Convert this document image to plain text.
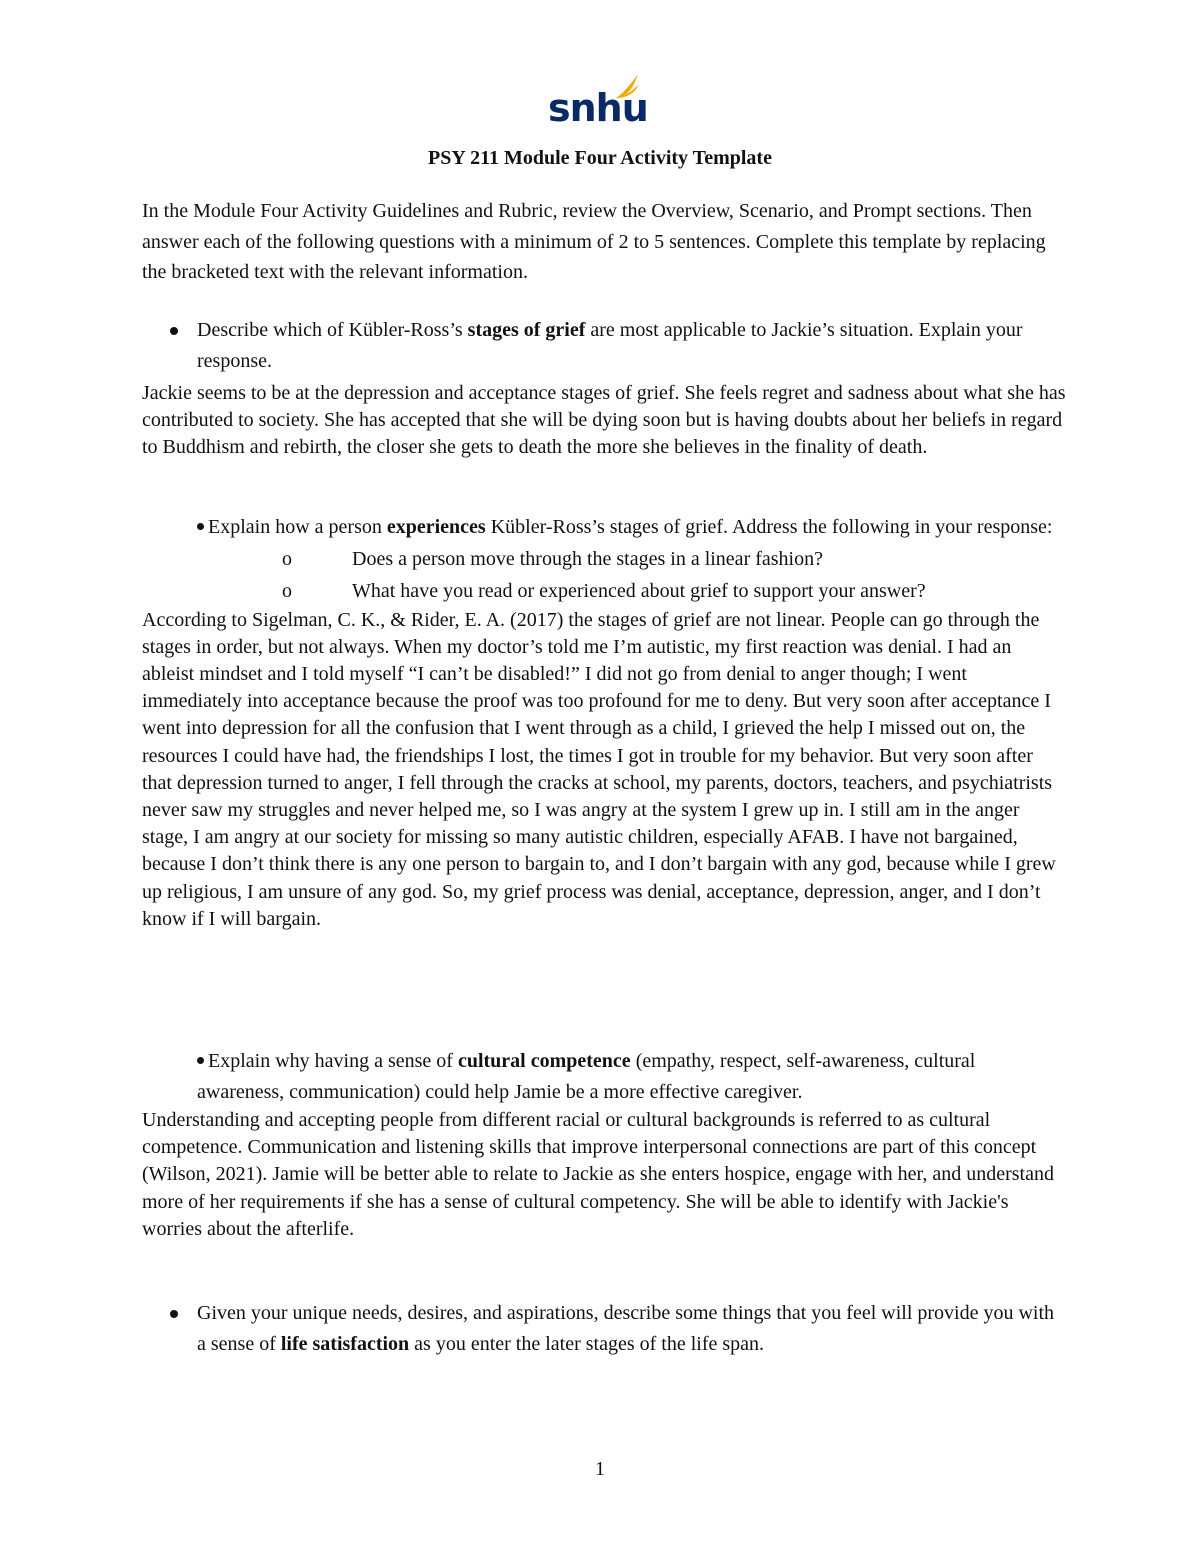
snhu
PSY 211 Module Four Activity Template
In the Module Four Activity Guidelines and Rubric, review the Overview, Scenario, and Prompt sections. Then answer each of the following questions with a minimum of 2 to 5 sentences. Complete this template by replacing the bracketed text with the relevant information.
Describe which of Kübler-Ross’s stages of grief are most applicable to Jackie’s situation. Explain your response.
Jackie seems to be at the depression and acceptance stages of grief. She feels regret and sadness about what she has contributed to society. She has accepted that she will be dying soon but is having doubts about her beliefs in regard to Buddhism and rebirth, the closer she gets to death the more she believes in the finality of death.
Explain how a person experiences Kübler-Ross’s stages of grief. Address the following in your response:
o	Does a person move through the stages in a linear fashion?
o	What have you read or experienced about grief to support your answer?
According to Sigelman, C. K., & Rider, E. A. (2017) the stages of grief are not linear. People can go through the stages in order, but not always. When my doctor’s told me I’m autistic, my first reaction was denial. I had an ableist mindset and I told myself “I can’t be disabled!” I did not go from denial to anger though; I went immediately into acceptance because the proof was too profound for me to deny. But very soon after acceptance I went into depression for all the confusion that I went through as a child, I grieved the help I missed out on, the resources I could have had, the friendships I lost, the times I got in trouble for my behavior. But very soon after that depression turned to anger, I fell through the cracks at school, my parents, doctors, teachers, and psychiatrists never saw my struggles and never helped me, so I was angry at the system I grew up in. I still am in the anger stage, I am angry at our society for missing so many autistic children, especially AFAB. I have not bargained, because I don’t think there is any one person to bargain to, and I don’t bargain with any god, because while I grew up religious, I am unsure of any god. So, my grief process was denial, acceptance, depression, anger, and I don’t know if I will bargain.
Explain why having a sense of cultural competence (empathy, respect, self-awareness, cultural awareness, communication) could help Jamie be a more effective caregiver.
Understanding and accepting people from different racial or cultural backgrounds is referred to as cultural competence. Communication and listening skills that improve interpersonal connections are part of this concept (Wilson, 2021). Jamie will be better able to relate to Jackie as she enters hospice, engage with her, and understand more of her requirements if she has a sense of cultural competency. She will be able to identify with Jackie's worries about the afterlife.
Given your unique needs, desires, and aspirations, describe some things that you feel will provide you with a sense of life satisfaction as you enter the later stages of the life span.
1
